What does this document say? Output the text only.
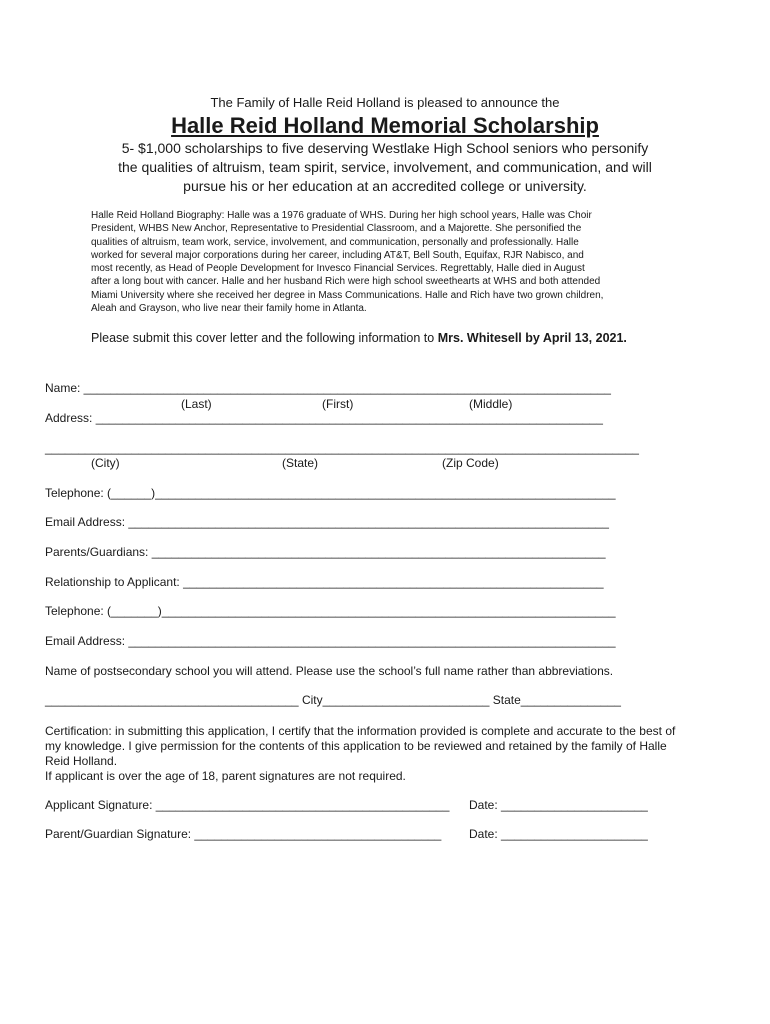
The Family of Halle Reid Holland is pleased to announce the
Halle Reid Holland Memorial Scholarship
5- $1,000 scholarships to five deserving Westlake High School seniors who personify
the qualities of altruism, team spirit, service, involvement, and communication, and will
pursue his or her education at an accredited college or university.
Halle Reid Holland Biography: Halle was a 1976 graduate of WHS. During her high school years, Halle was Choir
President, WHBS New Anchor, Representative to Presidential Classroom, and a Majorette. She personified the
qualities of altruism, team work, service, involvement, and communication, personally and professionally. Halle
worked for several major corporations during her career, including AT&T, Bell South, Equifax, RJR Nabisco, and
most recently, as Head of People Development for Invesco Financial Services. Regrettably, Halle died in August
after a long bout with cancer. Halle and her husband Rich were high school sweethearts at WHS and both attended
Miami University where she received her degree in Mass Communications. Halle and Rich have two grown children,
Aleah and Grayson, who live near their family home in Atlanta.
Please submit this cover letter and the following information to Mrs. Whitesell by April 13, 2021.
Name: _______________________________________________________________________________
(Last)	(First)	(Middle)
Address: ____________________________________________________________________________
_________________________________________________________________________________________
(City)	(State)	(Zip Code)
Telephone: (______)_____________________________________________________________________
Email Address: ________________________________________________________________________
Parents/Guardians: ____________________________________________________________________
Relationship to Applicant: _______________________________________________________________
Telephone: (_______)____________________________________________________________________
Email Address: _________________________________________________________________________
Name of postsecondary school you will attend. Please use the school’s full name rather than abbreviations.
______________________________________ City_________________________ State_______________
Certification: in submitting this application, I certify that the information provided is complete and accurate to the best of
my knowledge. I give permission for the contents of this application to be reviewed and retained by the family of Halle
Reid Holland.
If applicant is over the age of 18, parent signatures are not required.
Applicant Signature: ____________________________________________ Date: ______________________
Parent/Guardian Signature: _____________________________________ Date: ______________________
